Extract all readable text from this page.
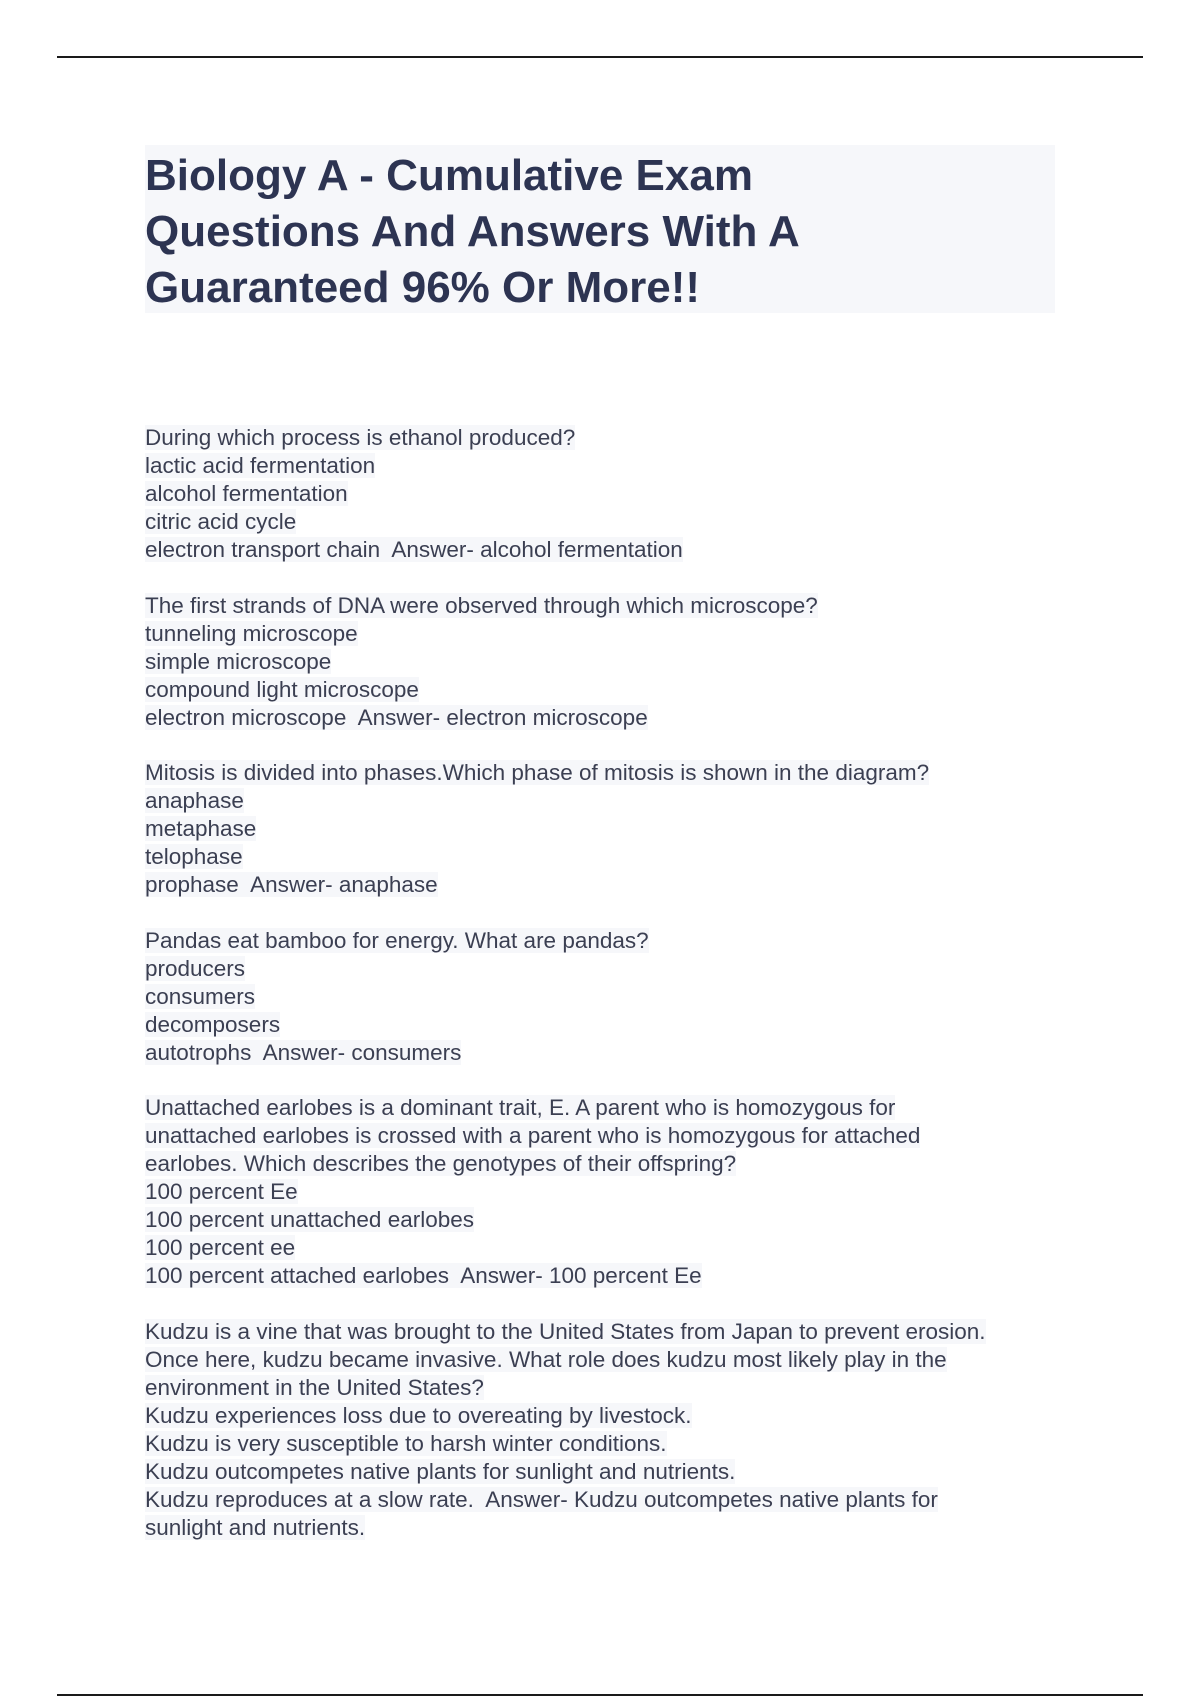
Biology A - Cumulative Exam
Questions And Answers With A
Guaranteed 96% Or More!!
During which process is ethanol produced?
lactic acid fermentation
alcohol fermentation
citric acid cycle
electron transport chain  Answer- alcohol fermentation
The first strands of DNA were observed through which microscope?
tunneling microscope
simple microscope
compound light microscope
electron microscope  Answer- electron microscope
Mitosis is divided into phases.Which phase of mitosis is shown in the diagram?
anaphase
metaphase
telophase
prophase  Answer- anaphase
Pandas eat bamboo for energy. What are pandas?
producers
consumers
decomposers
autotrophs  Answer- consumers
Unattached earlobes is a dominant trait, E. A parent who is homozygous for
unattached earlobes is crossed with a parent who is homozygous for attached
earlobes. Which describes the genotypes of their offspring?
100 percent Ee
100 percent unattached earlobes
100 percent ee
100 percent attached earlobes  Answer- 100 percent Ee
Kudzu is a vine that was brought to the United States from Japan to prevent erosion.
Once here, kudzu became invasive. What role does kudzu most likely play in the
environment in the United States?
Kudzu experiences loss due to overeating by livestock.
Kudzu is very susceptible to harsh winter conditions.
Kudzu outcompetes native plants for sunlight and nutrients.
Kudzu reproduces at a slow rate.  Answer- Kudzu outcompetes native plants for
sunlight and nutrients.
